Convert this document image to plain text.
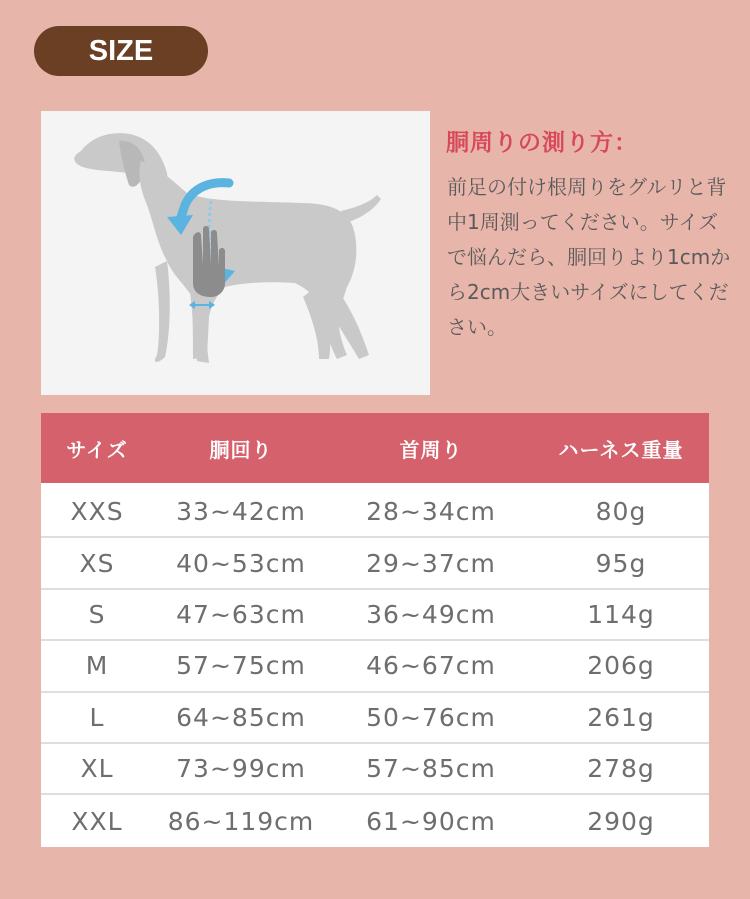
SIZE
胴周りの測り方：
前足の付け根周りをグルリと背中1周測ってください。サイズで悩んだら、胴回りより1cmから2cm大きいサイズにしてください。
サイズ	胴回り	首周り	ハーネス重量
XXS	33~42cm	28~34cm	80g
XS	40~53cm	29~37cm	95g
S	47~63cm	36~49cm	114g
M	57~75cm	46~67cm	206g
L	64~85cm	50~76cm	261g
XL	73~99cm	57~85cm	278g
XXL	86~119cm	61~90cm	290g
